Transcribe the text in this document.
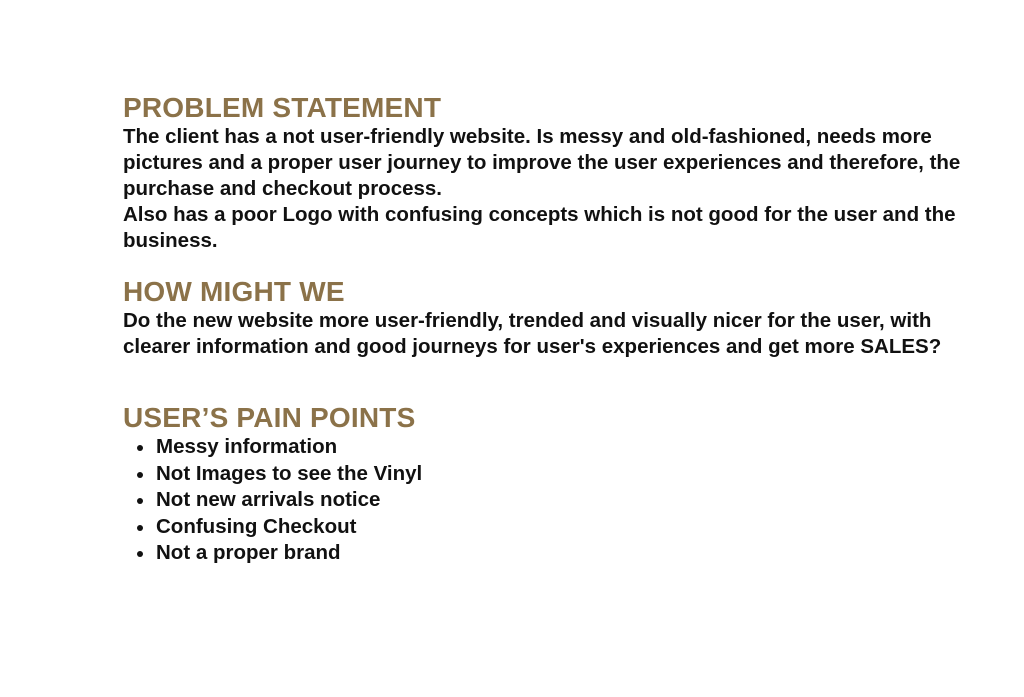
PROBLEM STATEMENT

The client has a not user-friendly website. Is messy and old-fashioned, needs more pictures and a proper user journey to improve the user experiences and therefore, the purchase and checkout process.

Also has a poor Logo with confusing concepts which is not good for the user and the business.

HOW MIGHT WE

Do the new website more user-friendly, trended and visually nicer for the user, with clearer information and good journeys for user's experiences and get more SALES?

USER’S PAIN POINTS
Messy information
Not Images to see the Vinyl
Not new arrivals notice
Confusing Checkout
Not a proper brand
